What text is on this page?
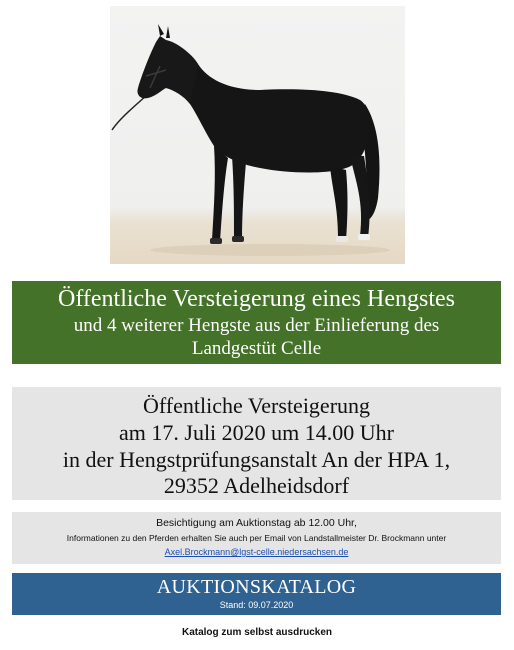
Öffentliche Versteigerung eines Hengstes
und 4 weiterer Hengste aus der Einlieferung des
Landgestüt Celle
Öffentliche Versteigerung
am 17. Juli 2020 um 14.00 Uhr
in der Hengstprüfungsanstalt An der HPA 1,
29352 Adelheidsdorf
Besichtigung am Auktionstag ab 12.00 Uhr,
Informationen zu den Pferden erhalten Sie auch per Email von Landstallmeister Dr. Brockmann unter
Axel.Brockmann@lgst-celle.niedersachsen.de
AUKTIONSKATALOG
Stand: 09.07.2020
Katalog zum selbst ausdrucken
